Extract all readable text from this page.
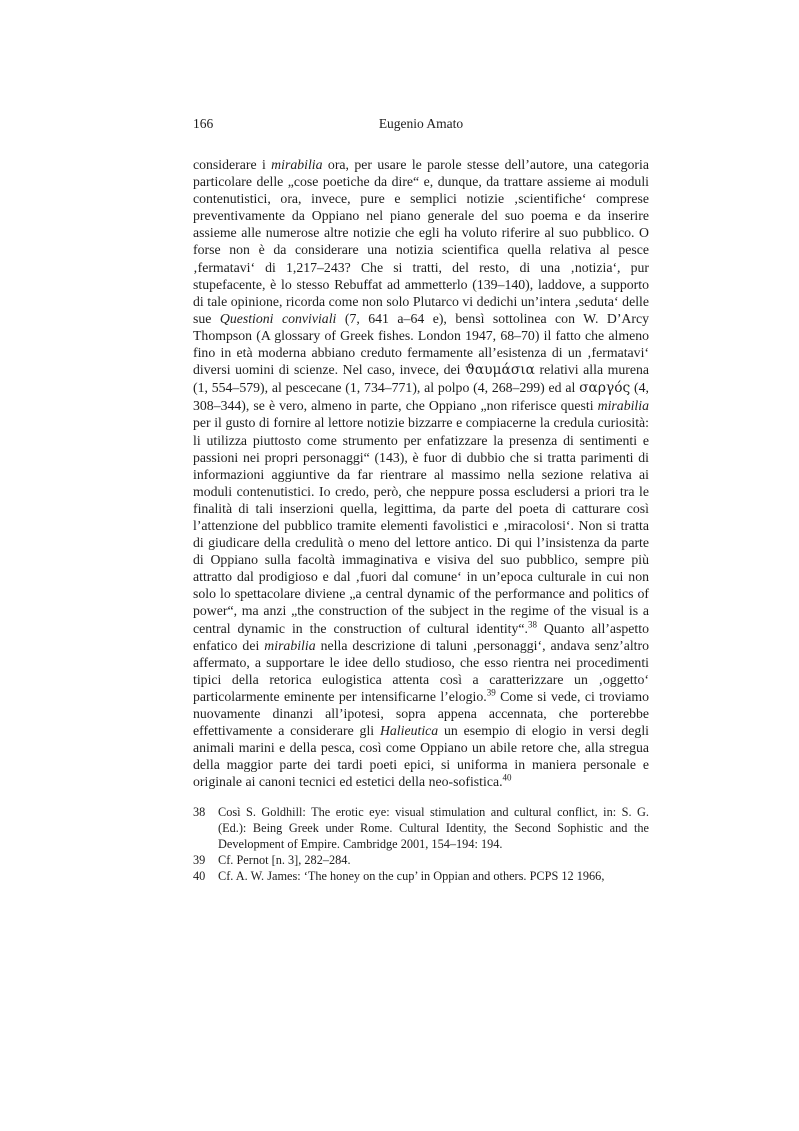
166	Eugenio Amato

considerare i mirabilia ora, per usare le parole stesse dell’autore, una categoria particolare delle „cose poetiche da dire“ e, dunque, da trattare assieme ai moduli contenutistici, ora, invece, pure e semplici notizie ‚scientifiche‘ comprese preventivamente da Oppiano nel piano generale del suo poema e da inserire assieme alle numerose altre notizie che egli ha voluto riferire al suo pubblico. O forse non è da considerare una notizia scientifica quella relativa al pesce ‚fermatavi‘ di 1,217–243? Che si tratti, del resto, di una ‚notizia‘, pur stupefacente, è lo stesso Rebuffat ad ammetterlo (139–140), laddove, a supporto di tale opinione, ricorda come non solo Plutarco vi dedichi un’intera ‚seduta‘ delle sue Questioni conviviali (7, 641 a–64 e), bensì sottolinea con W. D’Arcy Thompson (A glossary of Greek fishes. London 1947, 68–70) il fatto che almeno fino in età moderna abbiano creduto fermamente all’esistenza di un ‚fermatavi‘ diversi uomini di scienze. Nel caso, invece, dei ϑαυμάσια relativi alla murena (1, 554–579), al pescecane (1, 734–771), al polpo (4, 268–299) ed al σαργός (4, 308–344), se è vero, almeno in parte, che Oppiano „non riferisce questi mirabilia per il gusto di fornire al lettore notizie bizzarre e compiacerne la credula curiosità: li utilizza piuttosto come strumento per enfatizzare la presenza di sentimenti e passioni nei propri personaggi“ (143), è fuor di dubbio che si tratta parimenti di informazioni aggiuntive da far rientrare al massimo nella sezione relativa ai moduli contenutistici. Io credo, però, che neppure possa escludersi a priori tra le finalità di tali inserzioni quella, legittima, da parte del poeta di catturare così l’attenzione del pubblico tramite elementi favolistici e ‚miracolosi‘. Non si tratta di giudicare della credulità o meno del lettore antico. Di qui l’insistenza da parte di Oppiano sulla facoltà immaginativa e visiva del suo pubblico, sempre più attratto dal prodigioso e dal ‚fuori dal comune‘ in un’epoca culturale in cui non solo lo spettacolare diviene „a central dynamic of the performance and politics of power“, ma anzi „the construction of the subject in the regime of the visual is a central dynamic in the construction of cultural identity“.$^{38}$ Quanto all’aspetto enfatico dei mirabilia nella descrizione di taluni ‚personaggi‘, andava senz’altro affermato, a supportare le idee dello studioso, che esso rientra nei procedimenti tipici della retorica eulogistica attenta così a caratterizzare un ‚oggetto‘ particolarmente eminente per intensificarne l’elogio.$^{39}$ Come si vede, ci troviamo nuovamente dinanzi all’ipotesi, sopra appena accennata, che porterebbe effettivamente a considerare gli Halieutica un esempio di elogio in versi degli animali marini e della pesca, così come Oppiano un abile retore che, alla stregua della maggior parte dei tardi poeti epici, si uniforma in maniera personale e originale ai canoni tecnici ed estetici della neo-sofistica.$^{40}$

38	Così S. Goldhill: The erotic eye: visual stimulation and cultural conflict, in: S. G. (Ed.): Being Greek under Rome. Cultural Identity, the Second Sophistic and the Development of Empire. Cambridge 2001, 154–194: 194.
39	Cf. Pernot [n. 3], 282–284.
40	Cf. A. W. James: ‘The honey on the cup’ in Oppian and others. PCPS 12 1966,
